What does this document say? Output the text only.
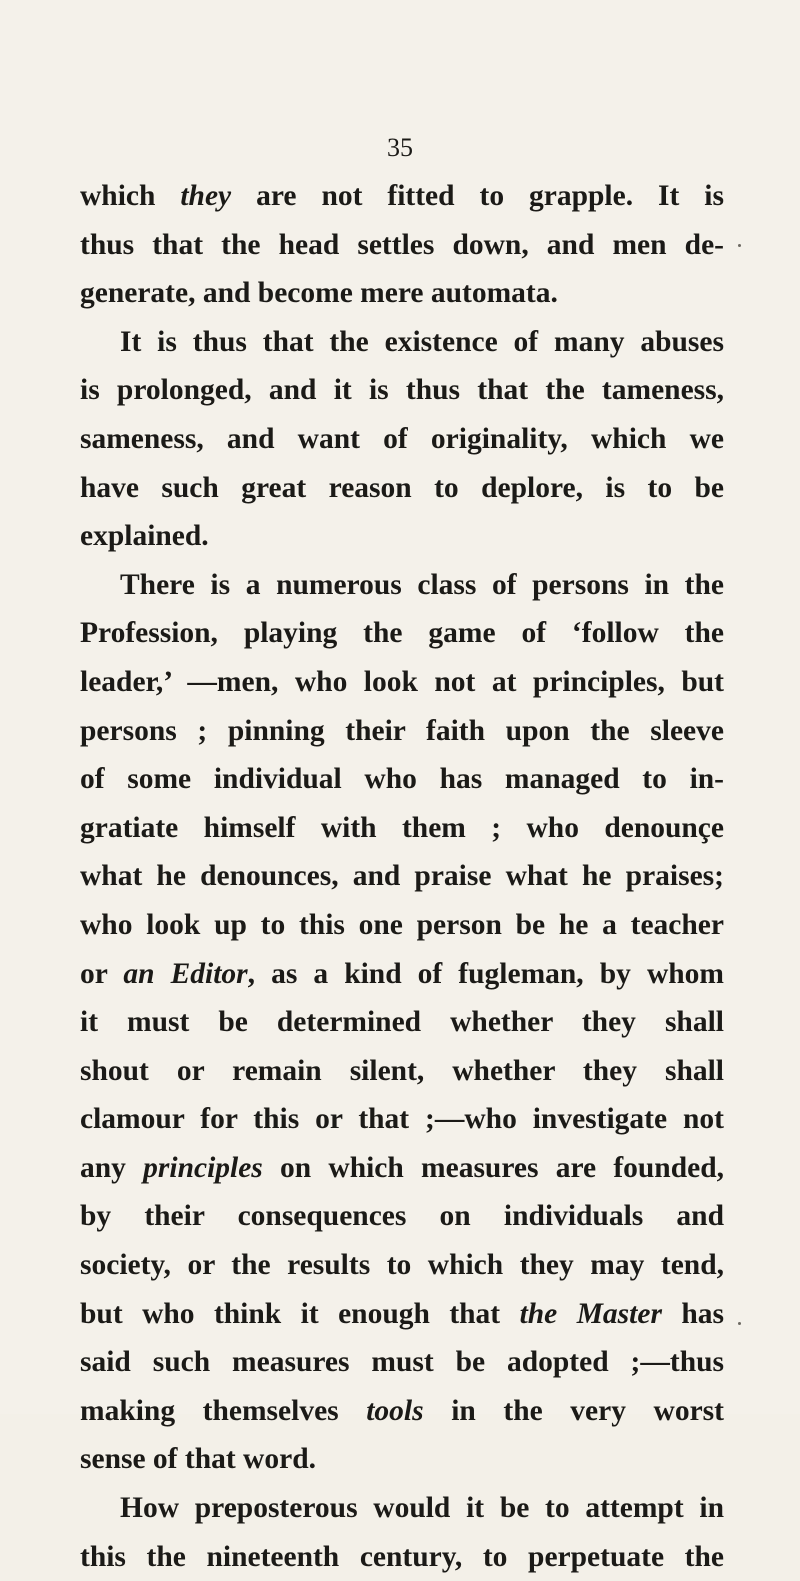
35
which they are not fitted to grapple. It is
thus that the head settles down, and men de-
generate, and become mere automata.
It is thus that the existence of many abuses
is prolonged, and it is thus that the tameness,
sameness, and want of originality, which we
have such great reason to deplore, is to be
explained.
There is a numerous class of persons in the
Profession, playing the game of ‘follow the
leader,’ —men, who look not at principles, but
persons ; pinning their faith upon the sleeve
of some individual who has managed to in-
gratiate himself with them ; who denounçe
what he denounces, and praise what he praises;
who look up to this one person be he a teacher
or an Editor, as a kind of fugleman, by whom
it must be determined whether they shall
shout or remain silent, whether they shall
clamour for this or that ;—who investigate not
any principles on which measures are founded,
by their consequences on individuals and
society, or the results to which they may tend,
but who think it enough that the Master has
said such measures must be adopted ;—thus
making themselves tools in the very worst
sense of that word.
How preposterous would it be to attempt in
this the nineteenth century, to perpetuate the
